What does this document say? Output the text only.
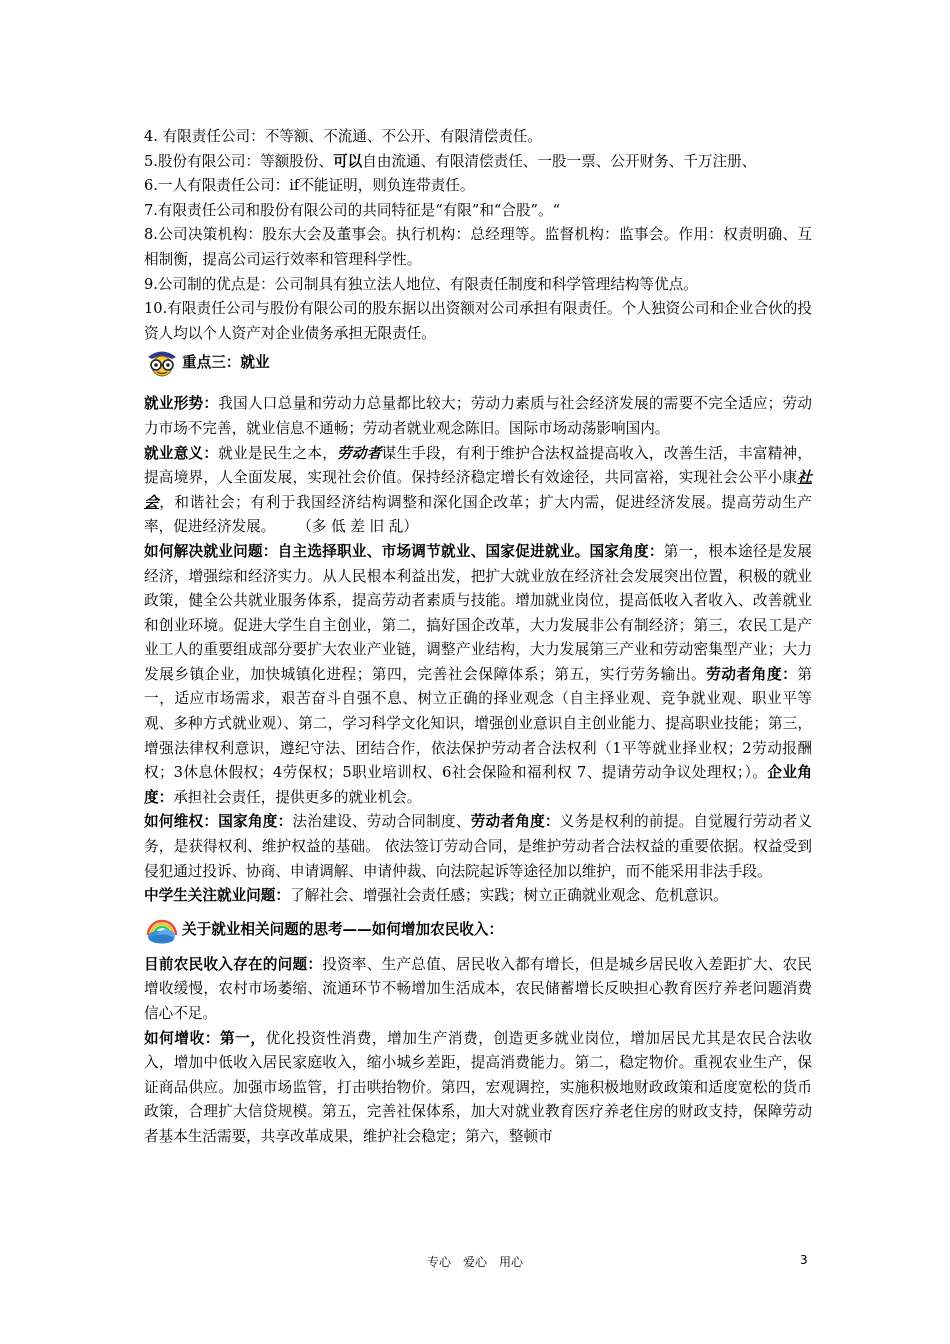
4. 有限责任公司：不等额、不流通、不公开、有限清偿责任。

5.股份有限公司：等额股份、可以自由流通、有限清偿责任、一股一票、公开财务、千万注册、

6.一人有限责任公司：if不能证明，则负连带责任。

7.有限责任公司和股份有限公司的共同特征是“有限”和“合股”。“

8.公司决策机构：股东大会及董事会。执行机构：总经理等。监督机构：监事会。作用：权责明确、互相制衡，提高公司运行效率和管理科学性。

9.公司制的优点是：公司制具有独立法人地位、有限责任制度和科学管理结构等优点。

10.有限责任公司与股份有限公司的股东据以出资额对公司承担有限责任。个人独资公司和企业合伙的投资人均以个人资产对企业债务承担无限责任。

重点三：就业

就业形势：我国人口总量和劳动力总量都比较大；劳动力素质与社会经济发展的需要不完全适应；劳动力市场不完善，就业信息不通畅；劳动者就业观念陈旧。国际市场动荡影响国内。

就业意义：就业是民生之本，劳动者谋生手段，有利于维护合法权益提高收入，改善生活，丰富精神，提高境界，人全面发展，实现社会价值。保持经济稳定增长有效途径，共同富裕，实现社会公平小康社会，和谐社会；有利于我国经济结构调整和深化国企改革；扩大内需，促进经济发展。提高劳动生产率，促进经济发展。   （多 低 差 旧 乱）

如何解决就业问题：自主选择职业、市场调节就业、国家促进就业。国家角度：第一，根本途径是发展经济，增强综和经济实力。从人民根本利益出发，把扩大就业放在经济社会发展突出位置，积极的就业政策，健全公共就业服务体系，提高劳动者素质与技能。增加就业岗位，提高低收入者收入、改善就业和创业环境。促进大学生自主创业，第二，搞好国企改革，大力发展非公有制经济；第三，农民工是产业工人的重要组成部分要扩大农业产业链，调整产业结构，大力发展第三产业和劳动密集型产业；大力发展乡镇企业，加快城镇化进程；第四，完善社会保障体系；第五，实行劳务输出。劳动者角度：第一，适应市场需求，艰苦奋斗自强不息、树立正确的择业观念（自主择业观、竞争就业观、职业平等观、多种方式就业观）、第二，学习科学文化知识，增强创业意识自主创业能力、提高职业技能；第三，增强法律权利意识，遵纪守法、团结合作，依法保护劳动者合法权利（1平等就业择业权；2劳动报酬权；3休息休假权；4劳保权；5职业培训权、6社会保险和福利权 7、提请劳动争议处理权；）。企业角度：承担社会责任，提供更多的就业机会。

如何维权：国家角度：法治建设、劳动合同制度、劳动者角度：义务是权利的前提。自觉履行劳动者义务，是获得权利、维护权益的基础。 依法签订劳动合同，是维护劳动者合法权益的重要依据。权益受到侵犯通过投诉、协商、申请调解、申请仲裁、向法院起诉等途径加以维护，而不能采用非法手段。

中学生关注就业问题：了解社会、增强社会责任感；实践；树立正确就业观念、危机意识。

关于就业相关问题的思考——如何增加农民收入：

目前农民收入存在的问题：投资率、生产总值、居民收入都有增长，但是城乡居民收入差距扩大、农民增收缓慢，农村市场萎缩、流通环节不畅增加生活成本，农民储蓄增长反映担心教育医疗养老问题消费信心不足。

如何增收：第一，优化投资性消费，增加生产消费，创造更多就业岗位，增加居民尤其是农民合法收入，增加中低收入居民家庭收入，缩小城乡差距，提高消费能力。第二，稳定物价。重视农业生产，保证商品供应。加强市场监管，打击哄抬物价。第四，宏观调控，实施积极地财政政策和适度宽松的货币政策，合理扩大信贷规模。第五，完善社保体系，加大对就业教育医疗养老住房的财政支持，保障劳动者基本生活需要，共享改革成果，维护社会稳定；第六，整顿市

专心　爱心　用心	3
